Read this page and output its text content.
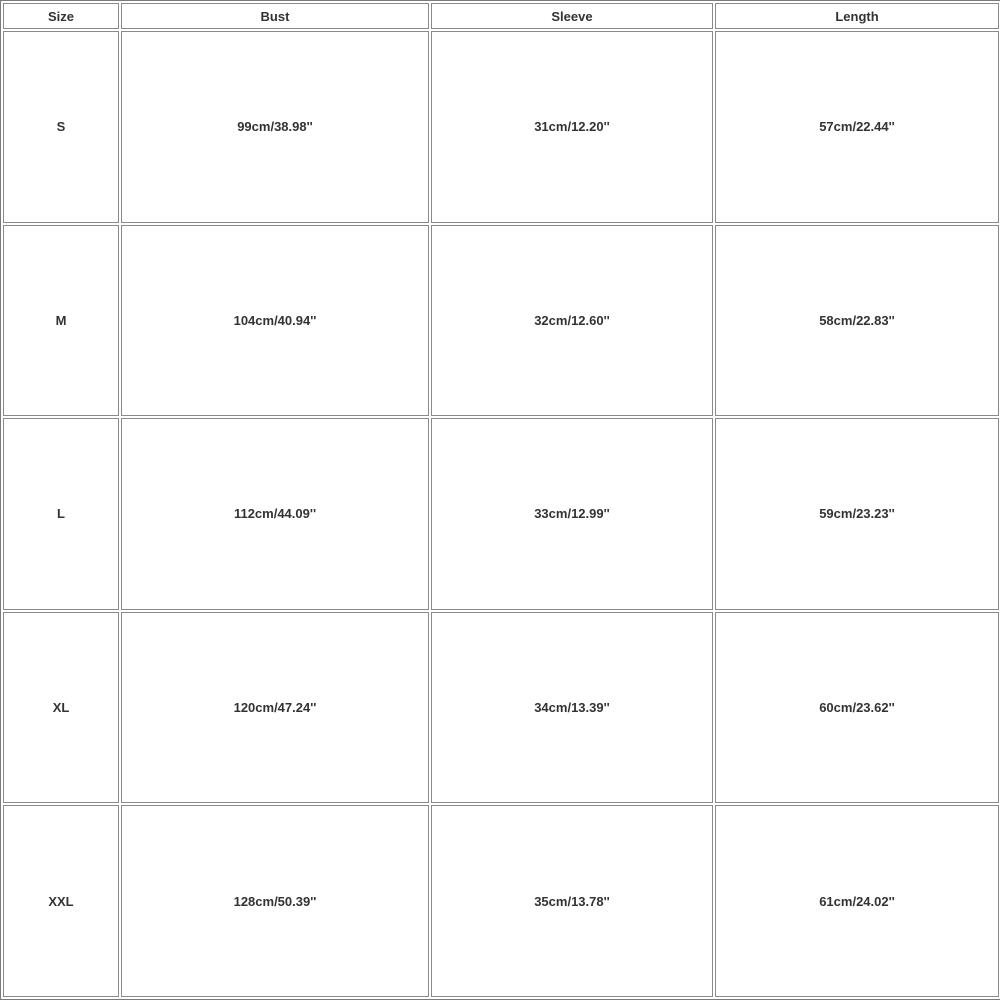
Size	Bust	Sleeve	Length
S	99cm/38.98''	31cm/12.20''	57cm/22.44''
M	104cm/40.94''	32cm/12.60''	58cm/22.83''
L	112cm/44.09''	33cm/12.99''	59cm/23.23''
XL	120cm/47.24''	34cm/13.39''	60cm/23.62''
XXL	128cm/50.39''	35cm/13.78''	61cm/24.02''
